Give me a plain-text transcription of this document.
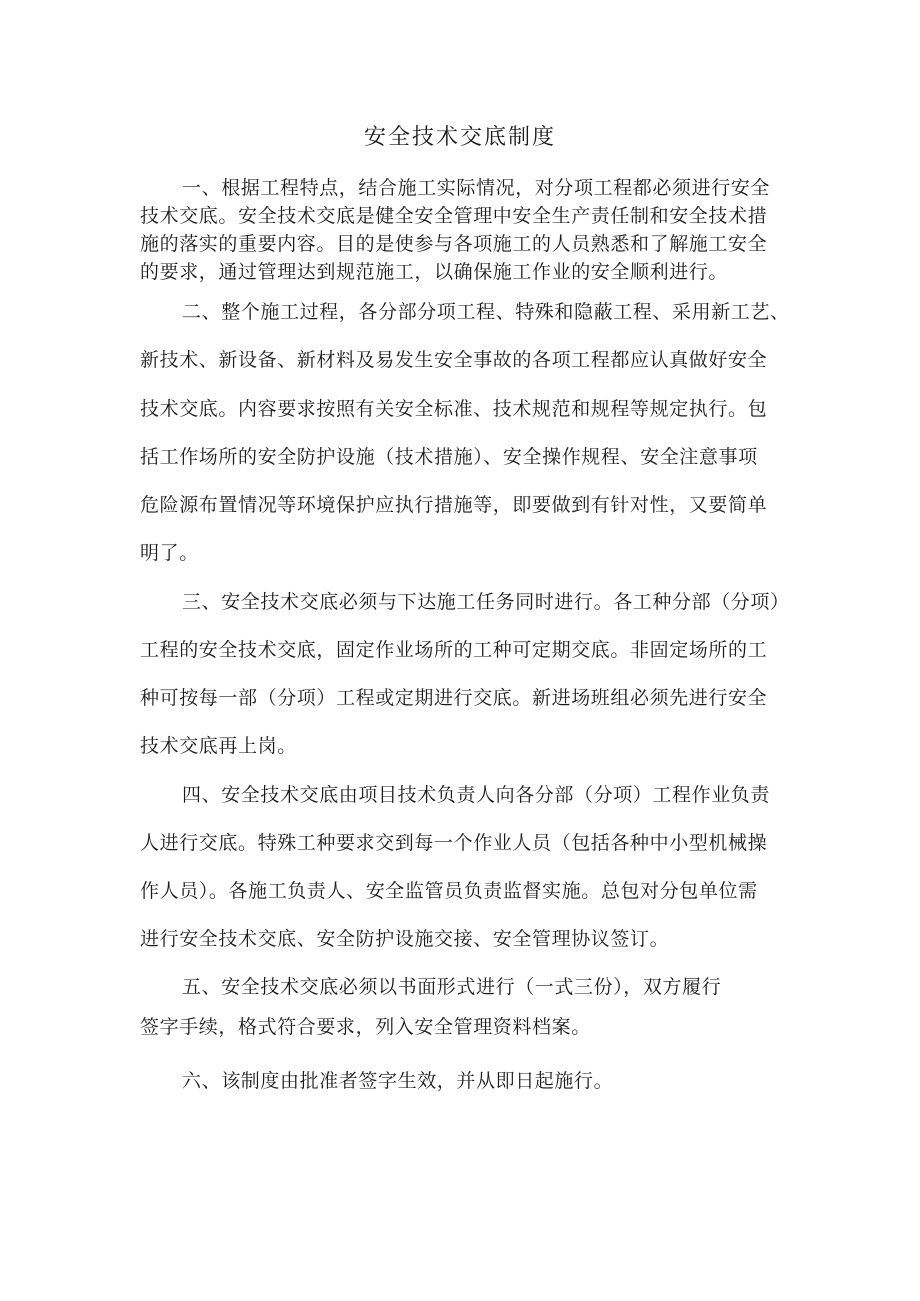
安全技术交底制度
一、根据工程特点，结合施工实际情况，对分项工程都必须进行安全
技术交底。安全技术交底是健全安全管理中安全生产责任制和安全技术措
施的落实的重要内容。目的是使参与各项施工的人员熟悉和了解施工安全
的要求，通过管理达到规范施工，以确保施工作业的安全顺利进行。
二、整个施工过程，各分部分项工程、特殊和隐蔽工程、采用新工艺、
新技术、新设备、新材料及易发生安全事故的各项工程都应认真做好安全
技术交底。内容要求按照有关安全标准、技术规范和规程等规定执行。包
括工作场所的安全防护设施（技术措施）、安全操作规程、安全注意事项
危险源布置情况等环境保护应执行措施等，即要做到有针对性，又要简单
明了。
三、安全技术交底必须与下达施工任务同时进行。各工种分部（分项）
工程的安全技术交底，固定作业场所的工种可定期交底。非固定场所的工
种可按每一部（分项）工程或定期进行交底。新进场班组必须先进行安全
技术交底再上岗。
四、安全技术交底由项目技术负责人向各分部（分项）工程作业负责
人进行交底。特殊工种要求交到每一个作业人员（包括各种中小型机械操
作人员）。各施工负责人、安全监管员负责监督实施。总包对分包单位需
进行安全技术交底、安全防护设施交接、安全管理协议签订。
五、安全技术交底必须以书面形式进行（一式三份），双方履行
签字手续，格式符合要求，列入安全管理资料档案。
六、该制度由批准者签字生效，并从即日起施行。
